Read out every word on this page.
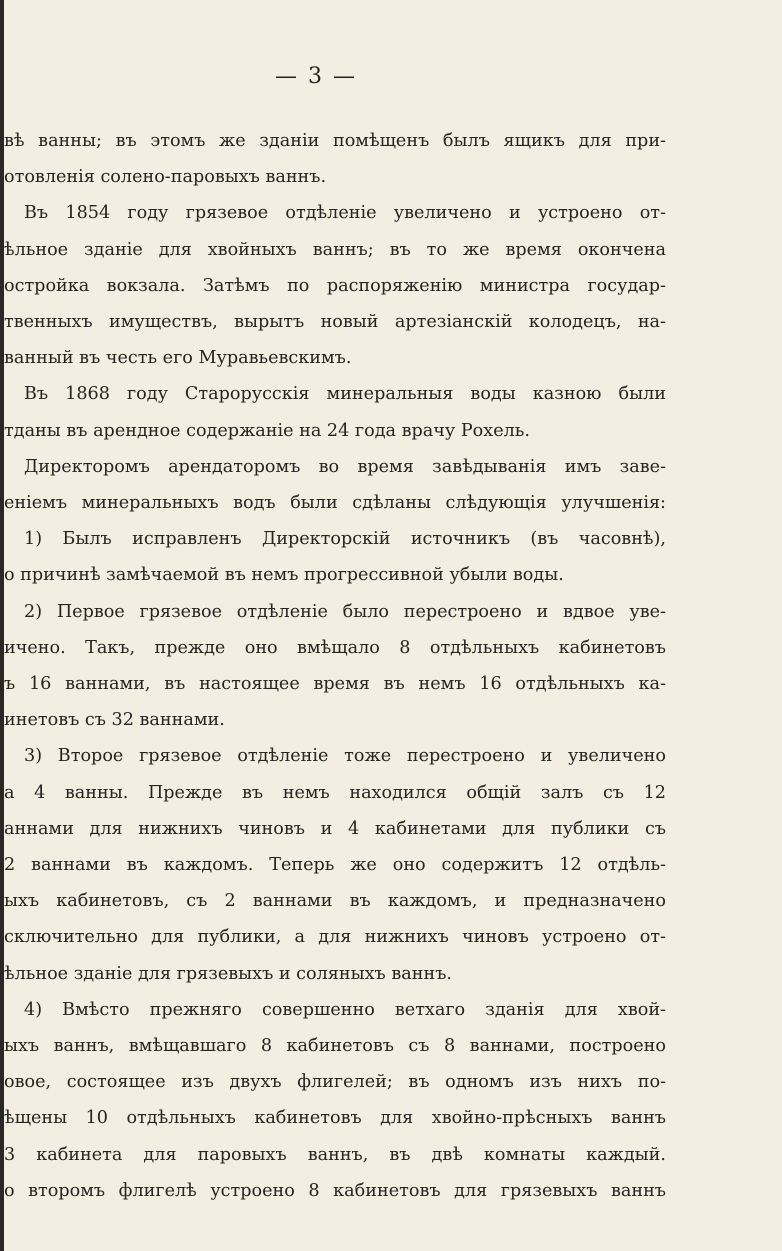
— 3 —
вѣ ванны; въ этомъ же зданіи помѣщенъ былъ ящикъ для при-
отовленія солено-паровыхъ ваннъ.
Въ 1854 году грязевое отдѣленіе увеличено и устроено от-
ѣльное зданіе для хвойныхъ ваннъ; въ то же время окончена
остройка вокзала. Затѣмъ по распоряженію министра государ-
твенныхъ имуществъ, вырытъ новый артезіанскій колодецъ, на-
ванный въ честь его Муравьевскимъ.
Въ 1868 году Старорусскія минеральныя воды казною были
тданы въ арендное содержаніе на 24 года врачу Рохель.
Директоромъ арендаторомъ во время завѣдыванія имъ заве-
еніемъ минеральныхъ водъ были сдѣланы слѣдующія улучшенія:
1) Былъ исправленъ Директорскій источникъ (въ часовнѣ),
о причинѣ замѣчаемой въ немъ прогрессивной убыли воды.
2) Первое грязевое отдѣленіе было перестроено и вдвое уве-
ичено. Такъ, прежде оно вмѣщало 8 отдѣльныхъ кабинетовъ
ъ 16 ваннами, въ настоящее время въ немъ 16 отдѣльныхъ ка-
инетовъ съ 32 ваннами.
3) Второе грязевое отдѣленіе тоже перестроено и увеличено
а 4 ванны. Прежде въ немъ находился общій залъ съ 12
аннами для нижнихъ чиновъ и 4 кабинетами для публики съ
2 ваннами въ каждомъ. Теперь же оно содержитъ 12 отдѣль-
ыхъ кабинетовъ, съ 2 ваннами въ каждомъ, и предназначено
сключительно для публики, а для нижнихъ чиновъ устроено от-
ѣльное зданіе для грязевыхъ и соляныхъ ваннъ.
4) Вмѣсто прежняго совершенно ветхаго зданія для хвой-
ыхъ ваннъ, вмѣщавшаго 8 кабинетовъ съ 8 ваннами, построено
овое, состоящее изъ двухъ флигелей; въ одномъ изъ нихъ по-
ѣщены 10 отдѣльныхъ кабинетовъ для хвойно-прѣсныхъ ваннъ
3 кабинета для паровыхъ ваннъ, въ двѣ комнаты каждый.
о второмъ флигелѣ устроено 8 кабинетовъ для грязевыхъ ваннъ
